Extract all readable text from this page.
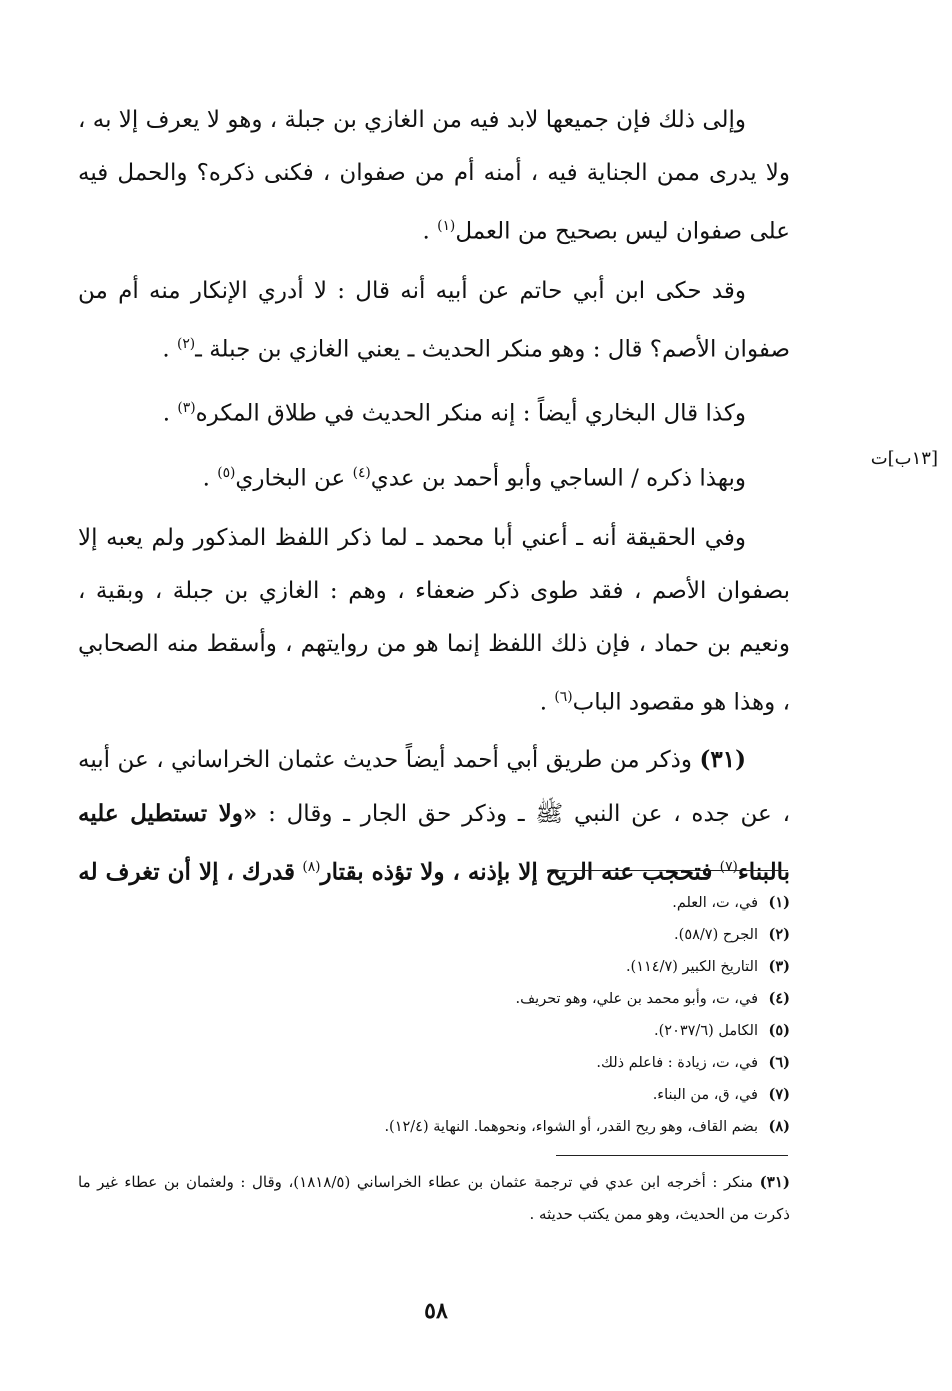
وإلى ذلك فإن جميعها لابد فيه من الغازي بن جبلة ، وهو لا يعرف إلا به ، ولا يدرى ممن الجناية فيه ، أمنه أم من صفوان ، فكنى ذكره؟ والحمل فيه على صفوان ليس بصحيح من العمل$^{(١)}$ .

وقد حكى ابن أبي حاتم عن أبيه أنه قال : لا أدري الإنكار منه أم من صفوان الأصم؟ قال : وهو منكر الحديث ـ يعني الغازي بن جبلة ـ$^{(٢)}$ .

وكذا قال البخاري أيضاً : إنه منكر الحديث في طلاق المكره$^{(٣)}$ .

وبهذا ذكره / الساجي وأبو أحمد بن عدي$^{(٤)}$ عن البخاري$^{(٥)}$ .

وفي الحقيقة أنه ـ أعني أبا محمد ـ لما ذكر اللفظ المذكور ولم يعبه إلا بصفوان الأصم ، فقد طوى ذكر ضعفاء ، وهم : الغازي بن جبلة ، وبقية ، ونعيم بن حماد ، فإن ذلك اللفظ إنما هو من روايتهم ، وأسقط منه الصحابي ، وهذا هو مقصود الباب$^{(٦)}$ .

(٣١) وذكر من طريق أبي أحمد أيضاً حديث عثمان الخراساني ، عن أبيه ، عن جده ، عن النبي ﷺ ـ وذكر حق الجار ـ وقال : «ولا تستطيل عليه بالبناء$^{(٧)}$ فتحجب عنه الريح إلا بإذنه ، ولا تؤذه بقتار$^{(٨)}$ قدرك ، إلا أن تغرف له

[١٣ب]ت

(١)في، ت، العلم.

(٢)الجرح (٥٨/٧).

(٣)التاريخ الكبير (١١٤/٧).

(٤)في، ت، وأبو محمد بن علي، وهو تحريف.

(٥)الكامل (٢٠٣٧/٦).

(٦)في، ت، زيادة : فاعلم ذلك.

(٧)في، ق، من البناء.

(٨)بضم القاف، وهو ريح القدر، أو الشواء، ونحوهما. النهاية (١٢/٤).

(٣١) منكر : أخرجه ابن عدي في ترجمة عثمان بن عطاء الخراساني (١٨١٨/٥)، وقال : ولعثمان بن عطاء غير ما ذكرت من الحديث، وهو ممن يكتب حديثه .
٥٨
